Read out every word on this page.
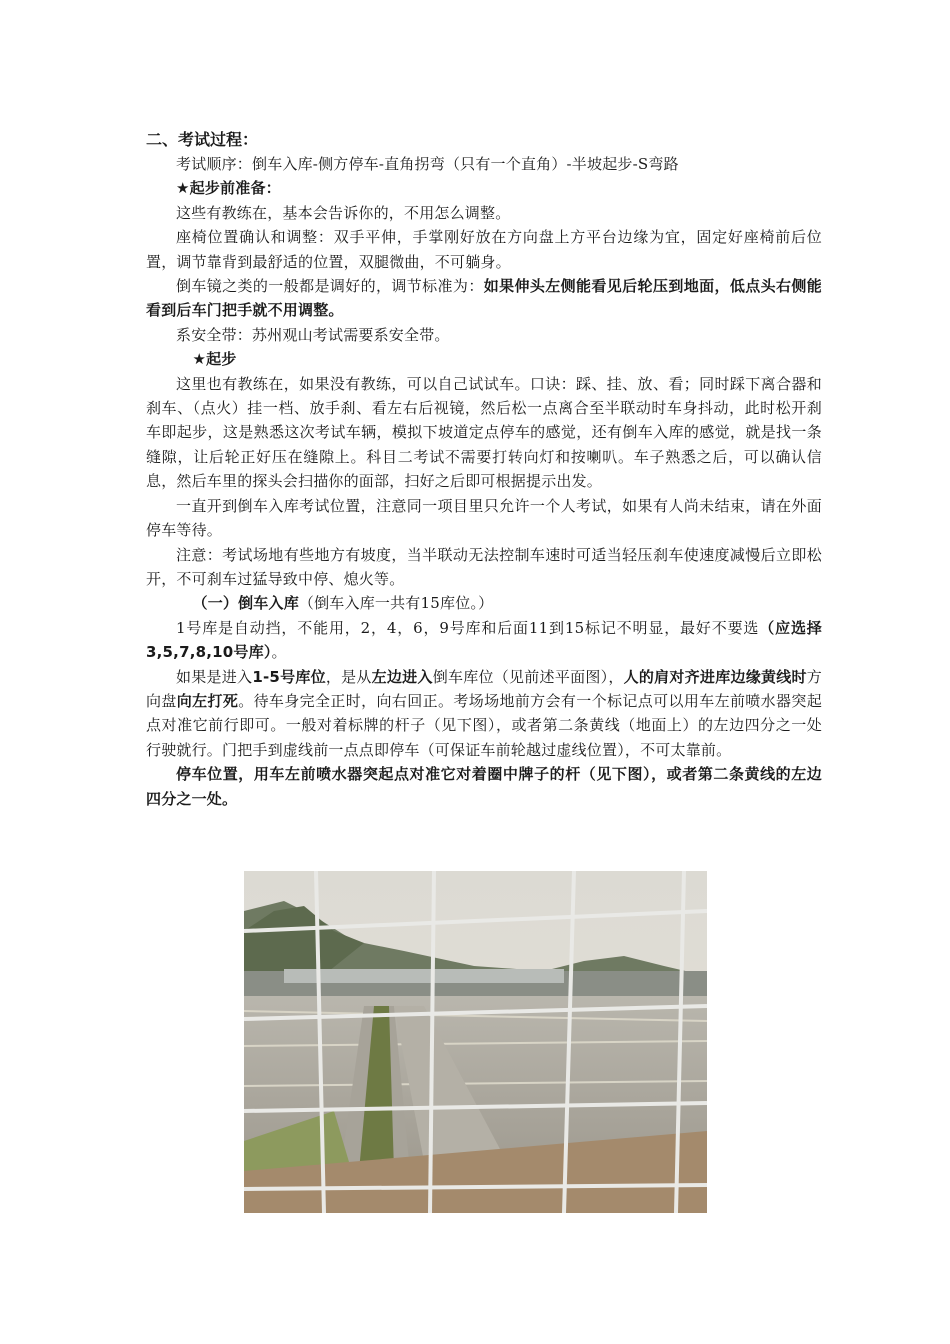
二、考试过程：

考试顺序：倒车入库-侧方停车-直角拐弯（只有一个直角）-半坡起步-S弯路

★起步前准备：

这些有教练在，基本会告诉你的，不用怎么调整。

座椅位置确认和调整：双手平伸，手掌刚好放在方向盘上方平台边缘为宜，固定好座椅前后位置，调节靠背到最舒适的位置，双腿微曲，不可躺身。

倒车镜之类的一般都是调好的，调节标准为：如果伸头左侧能看见后轮压到地面，低点头右侧能看到后车门把手就不用调整。

系安全带：苏州观山考试需要系安全带。

★起步

这里也有教练在，如果没有教练，可以自己试试车。口诀：踩、挂、放、看；同时踩下离合器和刹车、（点火）挂一档、放手刹、看左右后视镜，然后松一点离合至半联动时车身抖动，此时松开刹车即起步，这是熟悉这次考试车辆，模拟下坡道定点停车的感觉，还有倒车入库的感觉，就是找一条缝隙，让后轮正好压在缝隙上。科目二考试不需要打转向灯和按喇叭。车子熟悉之后，可以确认信息，然后车里的探头会扫描你的面部，扫好之后即可根据提示出发。

一直开到倒车入库考试位置，注意同一项目里只允许一个人考试，如果有人尚未结束，请在外面停车等待。

注意：考试场地有些地方有坡度，当半联动无法控制车速时可适当轻压刹车使速度减慢后立即松开，不可刹车过猛导致中停、熄火等。

（一）倒车入库（倒车入库一共有15库位。）

1号库是自动挡，不能用，2，4，6，9号库和后面11到15标记不明显，最好不要选（应选择3,5,7,8,10号库）。

如果是进入1-5号库位，是从左边进入倒车库位（见前述平面图），人的肩对齐进库边缘黄线时方向盘向左打死。待车身完全正时，向右回正。考场场地前方会有一个标记点可以用车左前喷水器突起点对准它前行即可。一般对着标牌的杆子（见下图），或者第二条黄线（地面上）的左边四分之一处行驶就行。门把手到虚线前一点点即停车（可保证车前轮越过虚线位置），不可太靠前。

停车位置，用车左前喷水器突起点对准它对着圈中牌子的杆（见下图），或者第二条黄线的左边四分之一处。
